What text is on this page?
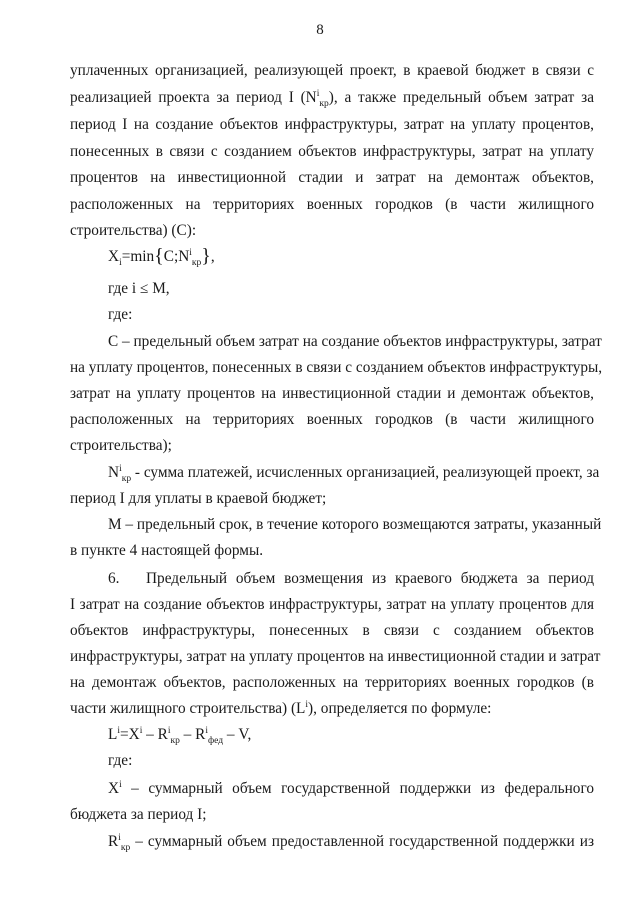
8
уплаченных организацией, реализующей проект, в краевой бюджет в связи с
реализацией проекта за период I $(N^i_{кр})$, а также предельный объем затрат за
период I на создание объектов инфраструктуры, затрат на уплату процентов,
понесенных в связи с созданием объектов инфраструктуры, затрат на уплату
процентов на инвестиционной стадии и затрат на демонтаж объектов,
расположенных на территориях военных городков (в части жилищного
строительства) (С):
$X_i=\min\{C;N^i_{кр}\}$,
где i ≤ M,
где:
С – предельный объем затрат на создание объектов инфраструктуры, затрат
на уплату процентов, понесенных в связи с созданием объектов инфраструктуры,
затрат на уплату процентов на инвестиционной стадии и демонтаж объектов,
расположенных на территориях военных городков (в части жилищного
строительства);
$N^i_{кр}$ - сумма платежей, исчисленных организацией, реализующей проект, за
период I для уплаты в краевой бюджет;
M – предельный срок, в течение которого возмещаются затраты, указанный
в пункте 4 настоящей формы.
6.	Предельный объем возмещения из краевого бюджета за период
I затрат на создание объектов инфраструктуры, затрат на уплату процентов для
объектов инфраструктуры, понесенных в связи с созданием объектов
инфраструктуры, затрат на уплату процентов на инвестиционной стадии и затрат
на демонтаж объектов, расположенных на территориях военных городков (в
части жилищного строительства) $(L^i)$, определяется по формуле:
$L^i=X^i - R^i_{кр} - R^i_{фед} - V$,
где:
$X^i$ – суммарный объем государственной поддержки из федерального
бюджета за период I;
$R^i_{кр}$ – суммарный объем предоставленной государственной поддержки из
